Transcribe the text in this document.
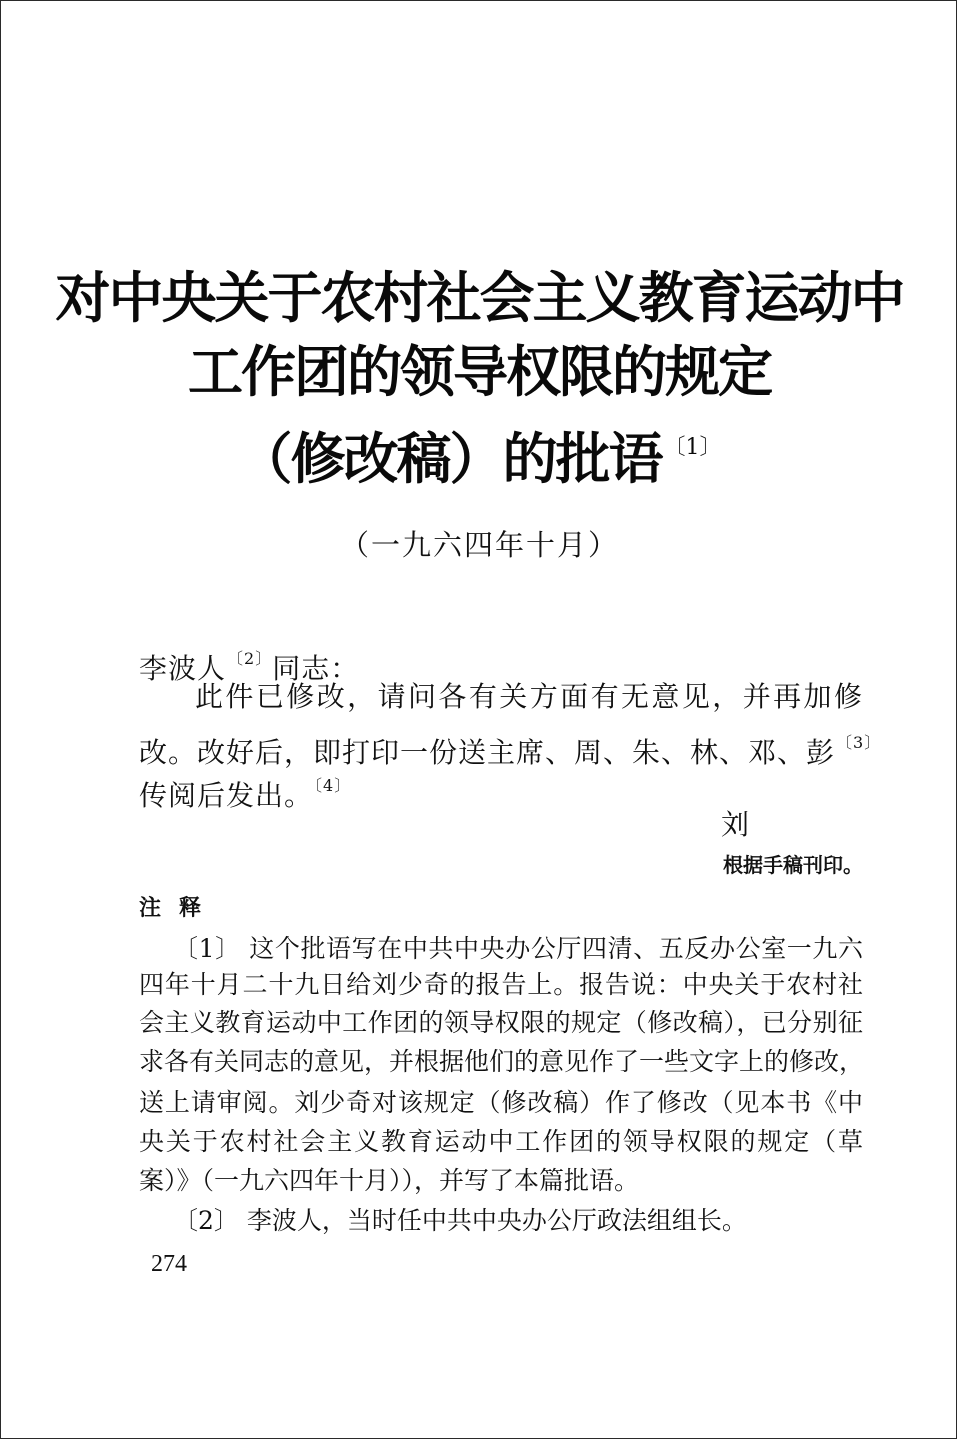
对中央关于农村社会主义教育运动中
工作团的领导权限的规定
（修改稿）的批语$^{〔1〕}$
（一九六四年十月）
李波人$^{〔2〕}$同志：
此件已修改，请问各有关方面有无意见，并再加修
改。改好后，即打印一份送主席、周、朱、林、邓、彭$^{〔3〕}$
传阅后发出。$^{〔4〕}$
刘
根据手稿刊印。
注释
〔1〕 这个批语写在中共中央办公厅四清、五反办公室一九六
四年十月二十九日给刘少奇的报告上。报告说：中央关于农村社
会主义教育运动中工作团的领导权限的规定（修改稿），已分别征
求各有关同志的意见，并根据他们的意见作了一些文字上的修改，
送上请审阅。刘少奇对该规定（修改稿）作了修改（见本书《中
央关于农村社会主义教育运动中工作团的领导权限的规定（草
案）》（一九六四年十月）），并写了本篇批语。
〔2〕 李波人，当时任中共中央办公厅政法组组长。
274
